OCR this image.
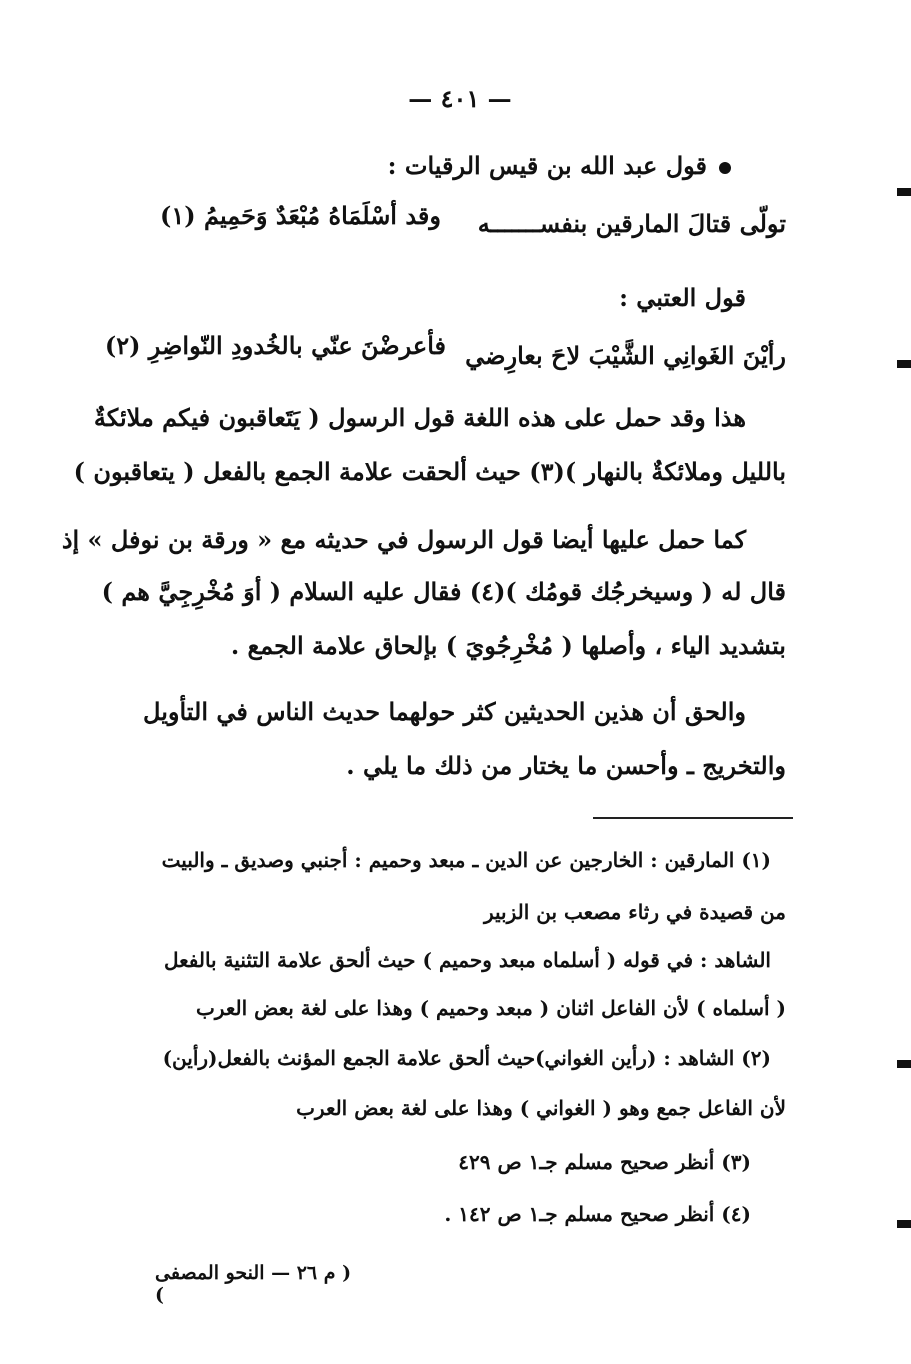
— ٤٠١ —
قول عبد الله بن قيس الرقيات :
تولّى قتالَ المارقين بنفســـــــه
وقد أسْلَمَاهُ مُبْعَدٌ وَحَمِيمُ (١)
قول العتبي :
رأيْنَ الغَوانِي الشَّيْبَ لاحَ بعارِضي
فأعرضْنَ عنّي بالخُدودِ النّواضِرِ (٢)
هذا وقد حمل على هذه اللغة قول الرسول ( يَتَعاقبون فيكم ملائكةٌ
بالليل وملائكةٌ بالنهار )(٣) حيث ألحقت علامة الجمع بالفعل ( يتعاقبون )
كما حمل عليها أيضا قول الرسول في حديثه مع « ورقة بن نوفل » إذ
قال له ( وسيخرجُك قومُك )(٤) فقال عليه السلام ( أوَ مُخْرِجِيَّ هم )
بتشديد الياء ، وأصلها ( مُخْرِجُويَ ) بإلحاق علامة الجمع .
والحق أن هذين الحديثين كثر حولهما حديث الناس في التأويل
والتخريج ـ وأحسن ما يختار من ذلك ما يلي .
(١) المارقين : الخارجين عن الدين ـ مبعد وحميم : أجنبي وصديق ـ والبيت
من قصيدة في رثاء مصعب بن الزبير
الشاهد : في قوله ( أسلماه مبعد وحميم ) حيث ألحق علامة التثنية بالفعل
( أسلماه ) لأن الفاعل اثنان ( مبعد وحميم ) وهذا على لغة بعض العرب
(٢) الشاهد : (رأين الغواني)حيث ألحق علامة الجمع المؤنث بالفعل(رأين)
لأن الفاعل جمع وهو ( الغواني ) وهذا على لغة بعض العرب
(٣) أنظر صحيح مسلم جـ١ ص ٤٢٩
(٤) أنظر صحيح مسلم جـ١ ص ١٤٢ .
( م ٢٦ — النحو المصفى )
